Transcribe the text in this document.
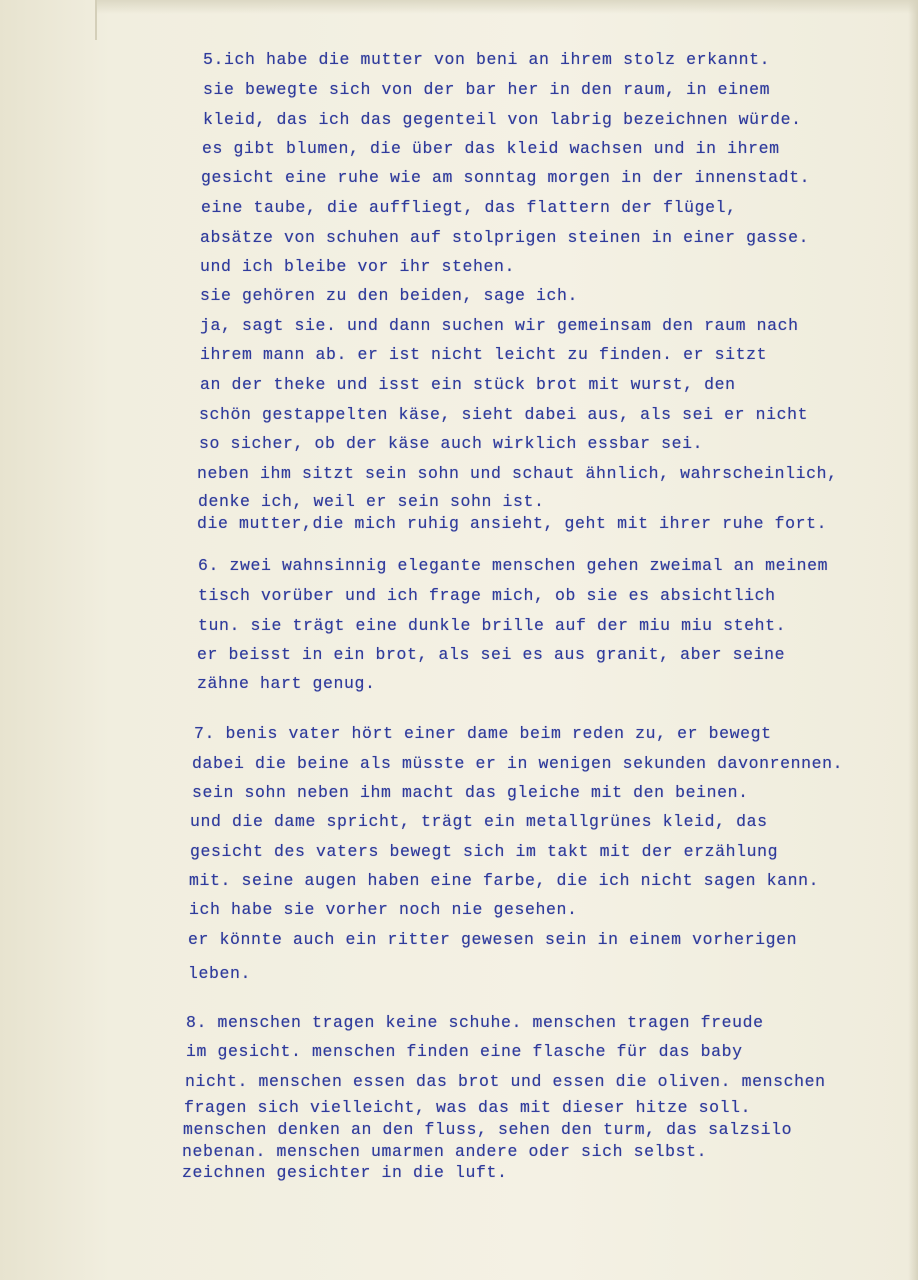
5.ich habe die mutter von beni an ihrem stolz erkannt.
sie bewegte sich von der bar her in den raum, in einem
kleid, das ich das gegenteil von labrig bezeichnen würde.
es gibt blumen, die über das kleid wachsen und in ihrem
gesicht eine ruhe wie am sonntag morgen in der innenstadt.
eine taube, die auffliegt, das flattern der flügel,
absätze von schuhen auf stolprigen steinen in einer gasse.
und ich bleibe vor ihr stehen.
sie gehören zu den beiden, sage ich.
ja, sagt sie. und dann suchen wir gemeinsam den raum nach
ihrem mann ab. er ist nicht leicht zu finden. er sitzt
an der theke und isst ein stück brot mit wurst, den
schön gestappelten käse, sieht dabei aus, als sei er nicht
so sicher, ob der käse auch wirklich essbar sei.
neben ihm sitzt sein sohn und schaut ähnlich, wahrscheinlich,
denke ich, weil er sein sohn ist.
die mutter,die mich ruhig ansieht, geht mit ihrer ruhe fort.
6. zwei wahnsinnig elegante menschen gehen zweimal an meinem
tisch vorüber und ich frage mich, ob sie es absichtlich
tun. sie trägt eine dunkle brille auf der miu miu steht.
er beisst in ein brot, als sei es aus granit, aber seine
zähne hart genug.
7. benis vater hört einer dame beim reden zu, er bewegt
dabei die beine als müsste er in wenigen sekunden davonrennen.
sein sohn neben ihm macht das gleiche mit den beinen.
und die dame spricht, trägt ein metallgrünes kleid, das
gesicht des vaters bewegt sich im takt mit der erzählung
mit. seine augen haben eine farbe, die ich nicht sagen kann.
ich habe sie vorher noch nie gesehen.
er könnte auch ein ritter gewesen sein in einem vorherigen
leben.
8. menschen tragen keine schuhe. menschen tragen freude
im gesicht. menschen finden eine flasche für das baby
nicht. menschen essen das brot und essen die oliven. menschen
fragen sich vielleicht, was das mit dieser hitze soll.
menschen denken an den fluss, sehen den turm, das salzsilo
nebenan. menschen umarmen andere oder sich selbst.
zeichnen gesichter in die luft.
